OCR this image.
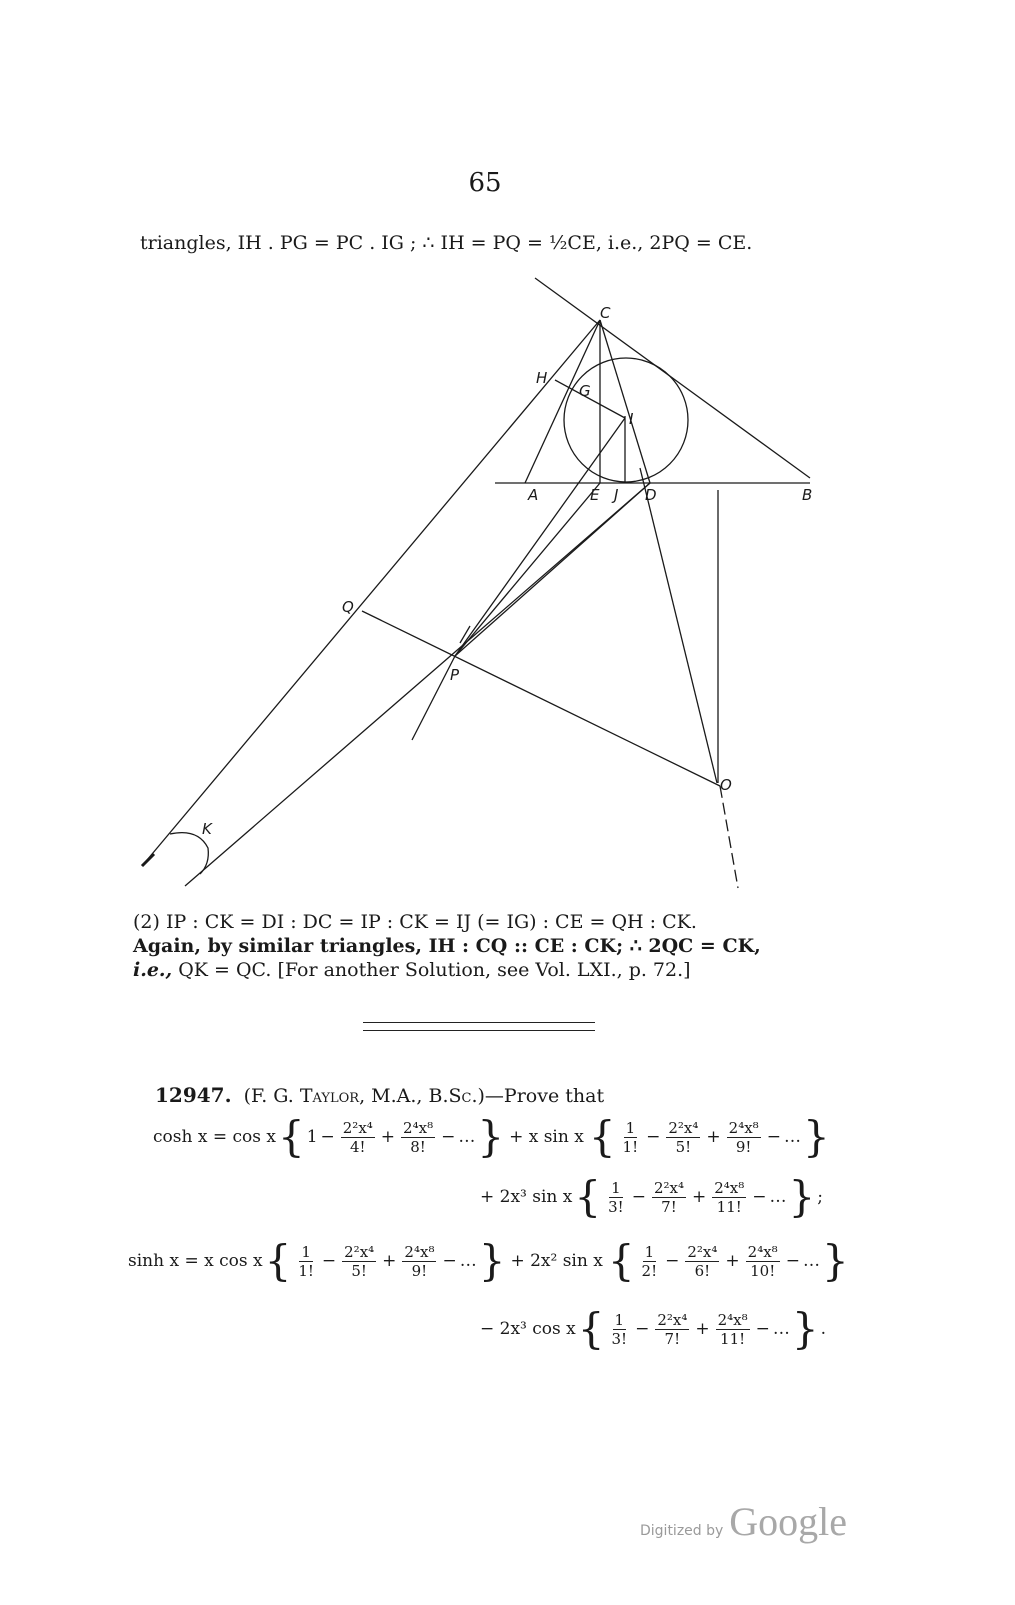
65
triangles, IH . PG = PC . IG ; ∴ IH = PQ = ½CE, i.e., 2PQ = CE.
C
H
G
I
A	E J D	B
Q
P
O
K
(2) IP : CK = DI : DC = IP : CK = IJ (= IG) : CE = QH : CK.
Again, by similar triangles, IH : CQ :: CE : CK; ∴ 2QC = CK,
i.e., QK = QC. [For another Solution, see Vol. LXI., p. 72.]
12947. (F. G. Taylor, M.A., B.Sc.)—Prove that
cosh x = cos x { $1 - \frac{\text{2²x⁴}}{4!} + \frac{\text{2⁴x⁸}}{8!}$ − … } + x sin x { $\frac{1}{1!} - \frac{\text{2²x⁴}}{5!} + \frac{\text{2⁴x⁸}}{9!}$ − … }
+ 2x³ sin x { $\frac{1}{3!} - \frac{\text{2²x⁴}}{7!} + \frac{\text{2⁴x⁸}}{11!}$ − … } ;
sinh x = x cos x { $\frac{1}{1!} - \frac{\text{2²x⁴}}{5!} + \frac{\text{2⁴x⁸}}{9!}$ − … } + 2x² sin x { $\frac{1}{2!} - \frac{\text{2²x⁴}}{6!} + \frac{\text{2⁴x⁸}}{10!}$ − … }
− 2x³ cos x { $\frac{1}{3!} - \frac{\text{2²x⁴}}{7!} + \frac{\text{2⁴x⁸}}{11!}$ − … } .
Digitized by Google
